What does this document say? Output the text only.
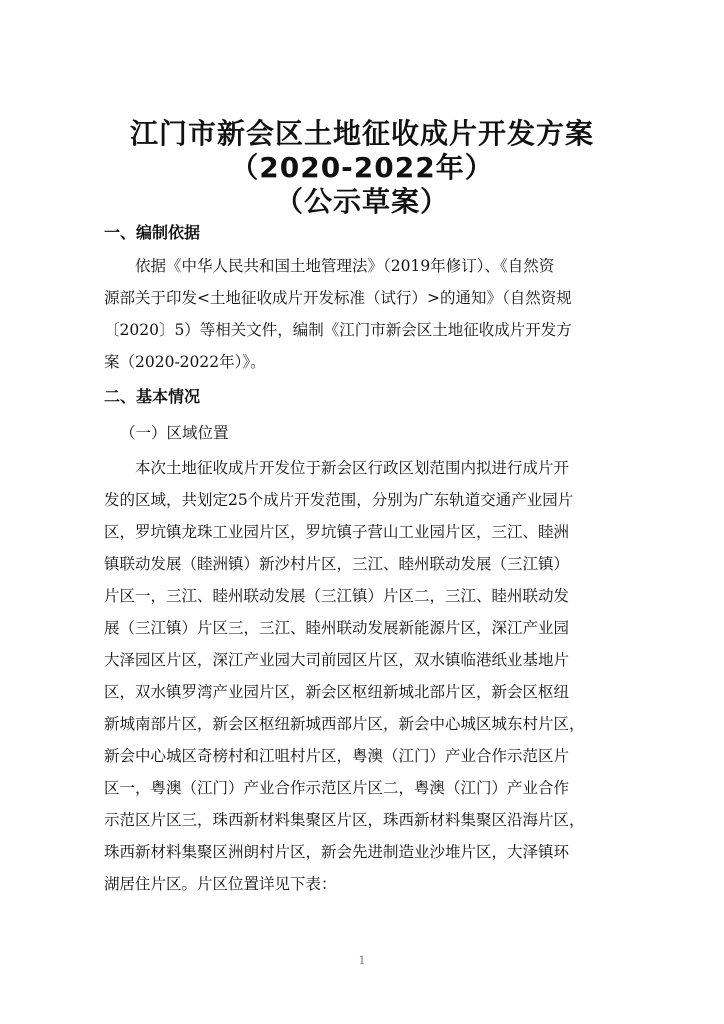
江门市新会区土地征收成片开发方案
（2020-2022年）
（公示草案）
一、编制依据
　　依据《中华人民共和国土地管理法》（2019年修订）、《自然资
源部关于印发<土地征收成片开发标准（试行）>的通知》（自然资规
〔2020〕5）等相关文件，编制《江门市新会区土地征收成片开发方
案（2020-2022年）》。
二、基本情况
（一）区域位置
　　本次土地征收成片开发位于新会区行政区划范围内拟进行成片开
发的区域，共划定25个成片开发范围，分别为广东轨道交通产业园片
区，罗坑镇龙珠工业园片区，罗坑镇子营山工业园片区，三江、睦洲
镇联动发展（睦洲镇）新沙村片区，三江、睦州联动发展（三江镇）
片区一，三江、睦州联动发展（三江镇）片区二，三江、睦州联动发
展（三江镇）片区三，三江、睦州联动发展新能源片区，深江产业园
大泽园区片区，深江产业园大司前园区片区，双水镇临港纸业基地片
区，双水镇罗湾产业园片区，新会区枢纽新城北部片区，新会区枢纽
新城南部片区，新会区枢纽新城西部片区，新会中心城区城东村片区，
新会中心城区奇榜村和江咀村片区，粤澳（江门）产业合作示范区片
区一，粤澳（江门）产业合作示范区片区二，粤澳（江门）产业合作
示范区片区三，珠西新材料集聚区片区，珠西新材料集聚区沿海片区，
珠西新材料集聚区洲朗村片区，新会先进制造业沙堆片区，大泽镇环
湖居住片区。片区位置详见下表：
1
